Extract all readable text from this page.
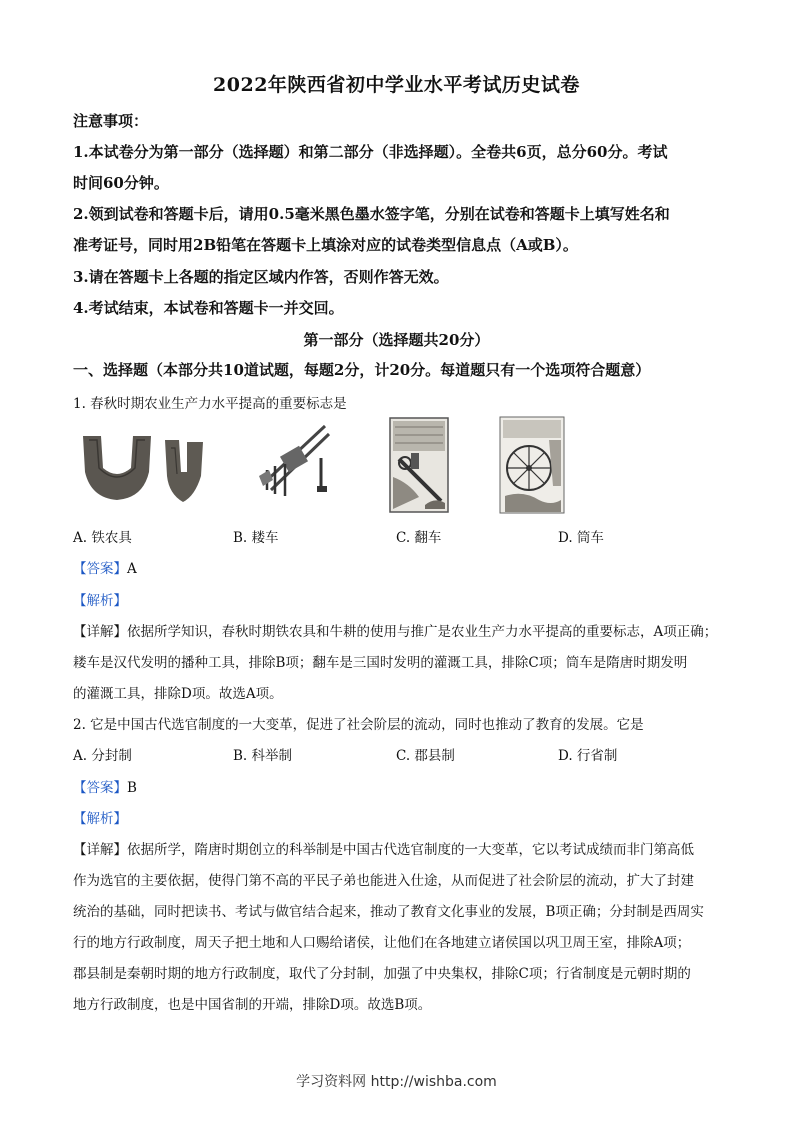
2022年陕西省初中学业水平考试历史试卷
注意事项：
1.本试卷分为第一部分（选择题）和第二部分（非选择题）。全卷共6页，总分60分。考试
时间60分钟。
2.领到试卷和答题卡后，请用0.5毫米黑色墨水签字笔，分别在试卷和答题卡上填写姓名和
准考证号，同时用2B铅笔在答题卡上填涂对应的试卷类型信息点（A或B）。
3.请在答题卡上各题的指定区域内作答，否则作答无效。
4.考试结束，本试卷和答题卡一并交回。
第一部分（选择题共20分）
一、选择题（本部分共10道试题，每题2分，计20分。每道题只有一个选项符合题意）
1. 春秋时期农业生产力水平提高的重要标志是
A. 铁农具	B. 耧车	C. 翻车	D. 筒车
【答案】A
【解析】
【详解】依据所学知识，春秋时期铁农具和牛耕的使用与推广是农业生产力水平提高的重要标志，A项正确；
耧车是汉代发明的播种工具，排除B项；翻车是三国时发明的灌溉工具，排除C项；筒车是隋唐时期发明
的灌溉工具，排除D项。故选A项。
2. 它是中国古代选官制度的一大变革，促进了社会阶层的流动，同时也推动了教育的发展。它是
A. 分封制	B. 科举制	C. 郡县制	D. 行省制
【答案】B
【解析】
【详解】依据所学，隋唐时期创立的科举制是中国古代选官制度的一大变革，它以考试成绩而非门第高低
作为选官的主要依据，使得门第不高的平民子弟也能进入仕途，从而促进了社会阶层的流动，扩大了封建
统治的基础，同时把读书、考试与做官结合起来，推动了教育文化事业的发展，B项正确；分封制是西周实
行的地方行政制度，周天子把土地和人口赐给诸侯，让他们在各地建立诸侯国以巩卫周王室，排除A项；
郡县制是秦朝时期的地方行政制度，取代了分封制，加强了中央集权，排除C项；行省制度是元朝时期的
地方行政制度，也是中国省制的开端，排除D项。故选B项。
学习资料网 http://wishba.com
